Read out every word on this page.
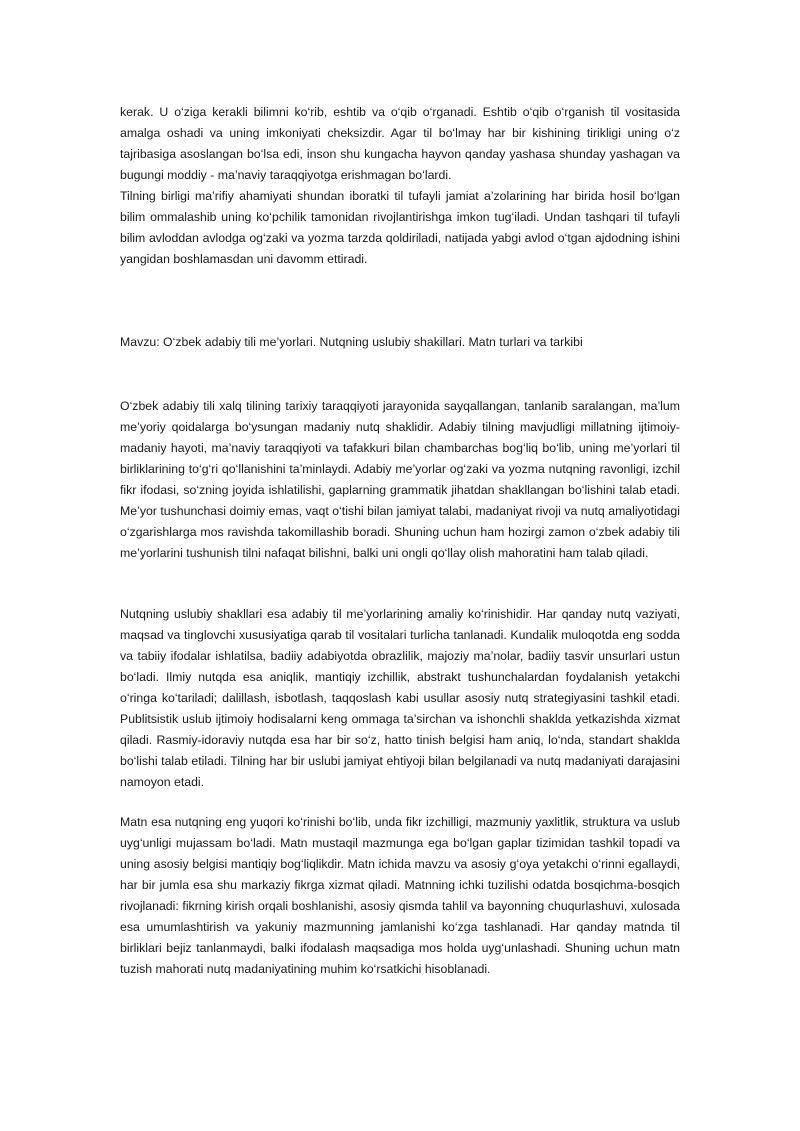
kerak. U o‘ziga kerakli bilimni ko‘rib, eshtib va o‘qib o‘rganadi. Eshtib o‘qib o‘rganish til vositasida amalga oshadi va uning imkoniyati cheksizdir. Agar til bo‘lmay har bir kishining tirikligi uning o‘z tajribasiga asoslangan bo‘lsa edi, inson shu kungacha hayvon qanday yashasa shunday yashagan va bugungi moddiy - ma’naviy taraqqiyotga erishmagan bo‘lardi.

Tilning birligi ma’rifiy ahamiyati shundan iboratki til tufayli jamiat a’zolarining har birida hosil bo‘lgan bilim ommalashib uning ko‘pchilik tamonidan rivojlantirishga imkon tug‘iladi. Undan tashqari til tufayli bilim avloddan avlodga og‘zaki va yozma tarzda qoldiriladi, natijada yabgi avlod o‘tgan ajdodning ishini yangidan boshlamasdan uni davomm ettiradi.

Mavzu: O‘zbek adabiy tili me’yorlari. Nutqning uslubiy shakillari. Matn turlari va tarkibi

O‘zbek adabiy tili xalq tilining tarixiy taraqqiyoti jarayonida sayqallangan, tanlanib saralangan, ma’lum me’yoriy qoidalarga bo‘ysungan madaniy nutq shaklidir. Adabiy tilning mavjudligi millatning ijtimoiy-madaniy hayoti, ma’naviy taraqqiyoti va tafakkuri bilan chambarchas bog‘liq bo‘lib, uning me’yorlari til birliklarining to‘g‘ri qo‘llanishini ta’minlaydi. Adabiy me’yorlar og‘zaki va yozma nutqning ravonligi, izchil fikr ifodasi, so‘zning joyida ishlatilishi, gaplarning grammatik jihatdan shakllangan bo‘lishini talab etadi. Me’yor tushunchasi doimiy emas, vaqt o‘tishi bilan jamiyat talabi, madaniyat rivoji va nutq amaliyotidagi o‘zgarishlarga mos ravishda takomillashib boradi. Shuning uchun ham hozirgi zamon o‘zbek adabiy tili me’yorlarini tushunish tilni nafaqat bilishni, balki uni ongli qo‘llay olish mahoratini ham talab qiladi.

Nutqning uslubiy shakllari esa adabiy til me’yorlarining amaliy ko‘rinishidir. Har qanday nutq vaziyati, maqsad va tinglovchi xususiyatiga qarab til vositalari turlicha tanlanadi. Kundalik muloqotda eng sodda va tabiiy ifodalar ishlatilsa, badiiy adabiyotda obrazlilik, majoziy ma’nolar, badiiy tasvir unsurlari ustun bo‘ladi. Ilmiy nutqda esa aniqlik, mantiqiy izchillik, abstrakt tushunchalardan foydalanish yetakchi o‘ringa ko‘tariladi; dalillash, isbotlash, taqqoslash kabi usullar asosiy nutq strategiyasini tashkil etadi. Publitsistik uslub ijtimoiy hodisalarni keng ommaga ta’sirchan va ishonchli shaklda yetkazishda xizmat qiladi. Rasmiy-idoraviy nutqda esa har bir so‘z, hatto tinish belgisi ham aniq, lo‘nda, standart shaklda bo‘lishi talab etiladi. Tilning har bir uslubi jamiyat ehtiyoji bilan belgilanadi va nutq madaniyati darajasini namoyon etadi.

Matn esa nutqning eng yuqori ko‘rinishi bo‘lib, unda fikr izchilligi, mazmuniy yaxlitlik, struktura va uslub uyg‘unligi mujassam bo‘ladi. Matn mustaqil mazmunga ega bo‘lgan gaplar tizimidan tashkil topadi va uning asosiy belgisi mantiqiy bog‘liqlikdir. Matn ichida mavzu va asosiy g‘oya yetakchi o‘rinni egallaydi, har bir jumla esa shu markaziy fikrga xizmat qiladi. Matnning ichki tuzilishi odatda bosqichma-bosqich rivojlanadi: fikrning kirish orqali boshlanishi, asosiy qismda tahlil va bayonning chuqurlashuvi, xulosada esa umumlashtirish va yakuniy mazmunning jamlanishi ko‘zga tashlanadi. Har qanday matnda til birliklari bejiz tanlanmaydi, balki ifodalash maqsadiga mos holda uyg‘unlashadi. Shuning uchun matn tuzish mahorati nutq madaniyatining muhim ko‘rsatkichi hisoblanadi.
